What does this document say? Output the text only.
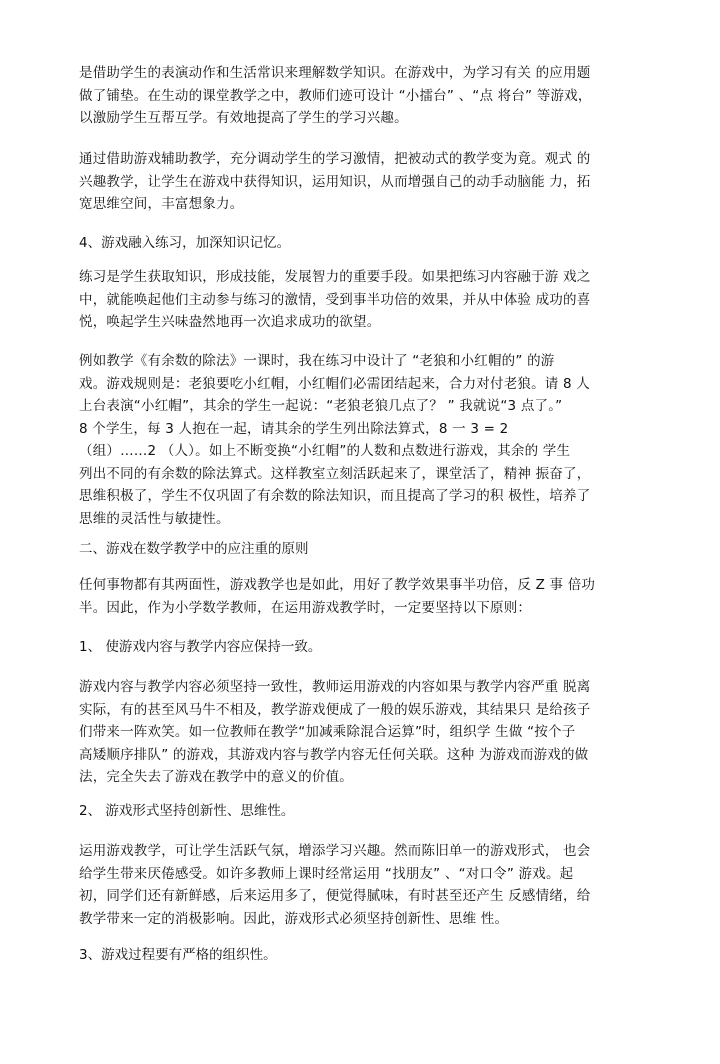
是借助学生的表演动作和生活常识来理解数学知识。在游戏中，为学习有关 的应用题
做了铺垫。在生动的课堂教学之中，教师们迹可设计 “小擂台” 、“点 将台” 等游戏，
以激励学生互帮互学。有效地提高了学生的学习兴趣。
通过借助游戏辅助教学，充分调动学生的学习激情，把被动式的教学变为竟。观式 的
兴趣教学，让学生在游戏中获得知识，运用知识，从而增强自己的动手动脑能 力，拓
宽思维空间，丰富想象力。
4、游戏融入练习，加深知识记忆。
练习是学生获取知识，形成技能，发展智力的重要手段。如果把练习内容融于游 戏之
中，就能唤起他们主动参与练习的激情，受到事半功倍的效果，并从中体验 成功的喜
悦，唤起学生兴味盎然地再一次追求成功的欲望。
例如教学《有余数的除法》一课时，我在练习中设计了 “老狼和小红帽的” 的游
戏。游戏规则是：老狼要吃小红帽，小红帽们必需团结起来，合力对付老狼。请 8 人
上台表演“小红帽”，其余的学生一起说：“老狼老狼几点了？ ” 我就说“3 点了。”
8 个学生，每 3 人抱在一起，请其余的学生列出除法算式，8 一 3 = 2
（组）……2 （人）。如上不断变换“小红帽”的人数和点数进行游戏，其余的 学生
列出不同的有余数的除法算式。这样教室立刻活跃起来了，课堂活了，精神 振奋了，
思维积极了，学生不仅巩固了有余数的除法知识，而且提高了学习的积 极性，培养了
思维的灵活性与敏捷性。
二、游戏在数学教学中的应注重的原则
任何事物都有其两面性，游戏教学也是如此，用好了教学效果事半功倍，反 Z 事 倍功
半。因此，作为小学数学教师，在运用游戏教学时，一定要坚持以下原则：
1、 使游戏内容与教学内容应保持一致。
游戏内容与教学内容必须坚持一致性，教师运用游戏的内容如果与教学内容严重 脱离
实际，有的甚至风马牛不相及，教学游戏便成了一般的娱乐游戏，其结果只 是给孩子
们带来一阵欢笑。如一位教师在教学“加减乘除混合运算”时，组织学 生做 “按个子
高矮顺序排队” 的游戏，其游戏内容与教学内容无任何关联。这种 为游戏而游戏的做
法，完全失去了游戏在教学中的意义的价值。
2、 游戏形式坚持创新性、思维性。
运用游戏教学，可让学生活跃气氛，增添学习兴趣。然而陈旧单一的游戏形式， 也会
给学生带来厌倦感受。如许多教师上课时经常运用 “找朋友” 、“对口令” 游戏。起
初，同学们还有新鲜感，后来运用多了，便觉得腻味，有时甚至还产生 反感情绪，给
教学带来一定的消极影响。因此，游戏形式必须坚持创新性、思维 性。
3、游戏过程要有严格的组织性。
